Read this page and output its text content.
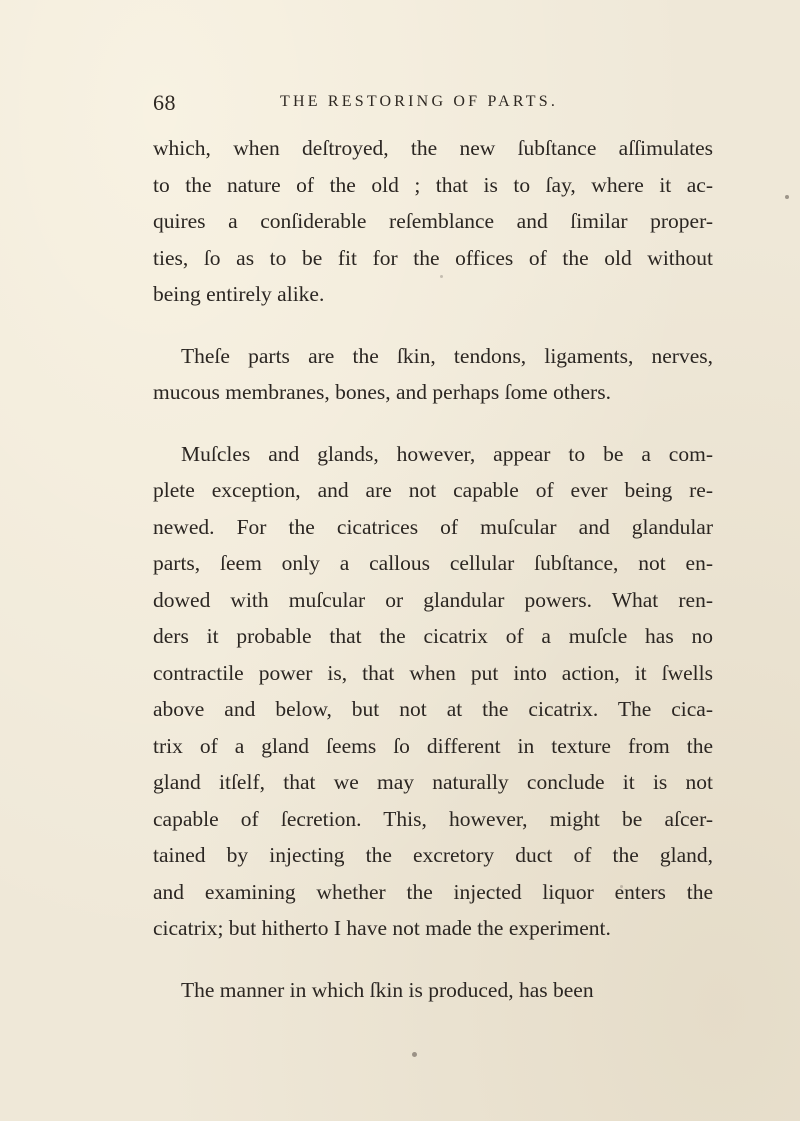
68	THE RESTORING OF PARTS.
which, when deſtroyed, the new ſubſtance aſſimulates
to the nature of the old ; that is to ſay, where it ac-
quires a conſiderable reſemblance and ſimilar proper-
ties, ſo as to be fit for the offices of the old without
being entirely alike.
Theſe parts are the ſkin, tendons, ligaments, nerves,
mucous membranes, bones, and perhaps ſome others.
Muſcles and glands, however, appear to be a com-
plete exception, and are not capable of ever being re-
newed. For the cicatrices of muſcular and glandular
parts, ſeem only a callous cellular ſubſtance, not en-
dowed with muſcular or glandular powers. What ren-
ders it probable that the cicatrix of a muſcle has no
contractile power is, that when put into action, it ſwells
above and below, but not at the cicatrix. The cica-
trix of a gland ſeems ſo different in texture from the
gland itſelf, that we may naturally conclude it is not
capable of ſecretion. This, however, might be aſcer-
tained by injecting the excretory duct of the gland,
and examining whether the injected liquor enters the
cicatrix; but hitherto I have not made the experiment.
The manner in which ſkin is produced, has been
